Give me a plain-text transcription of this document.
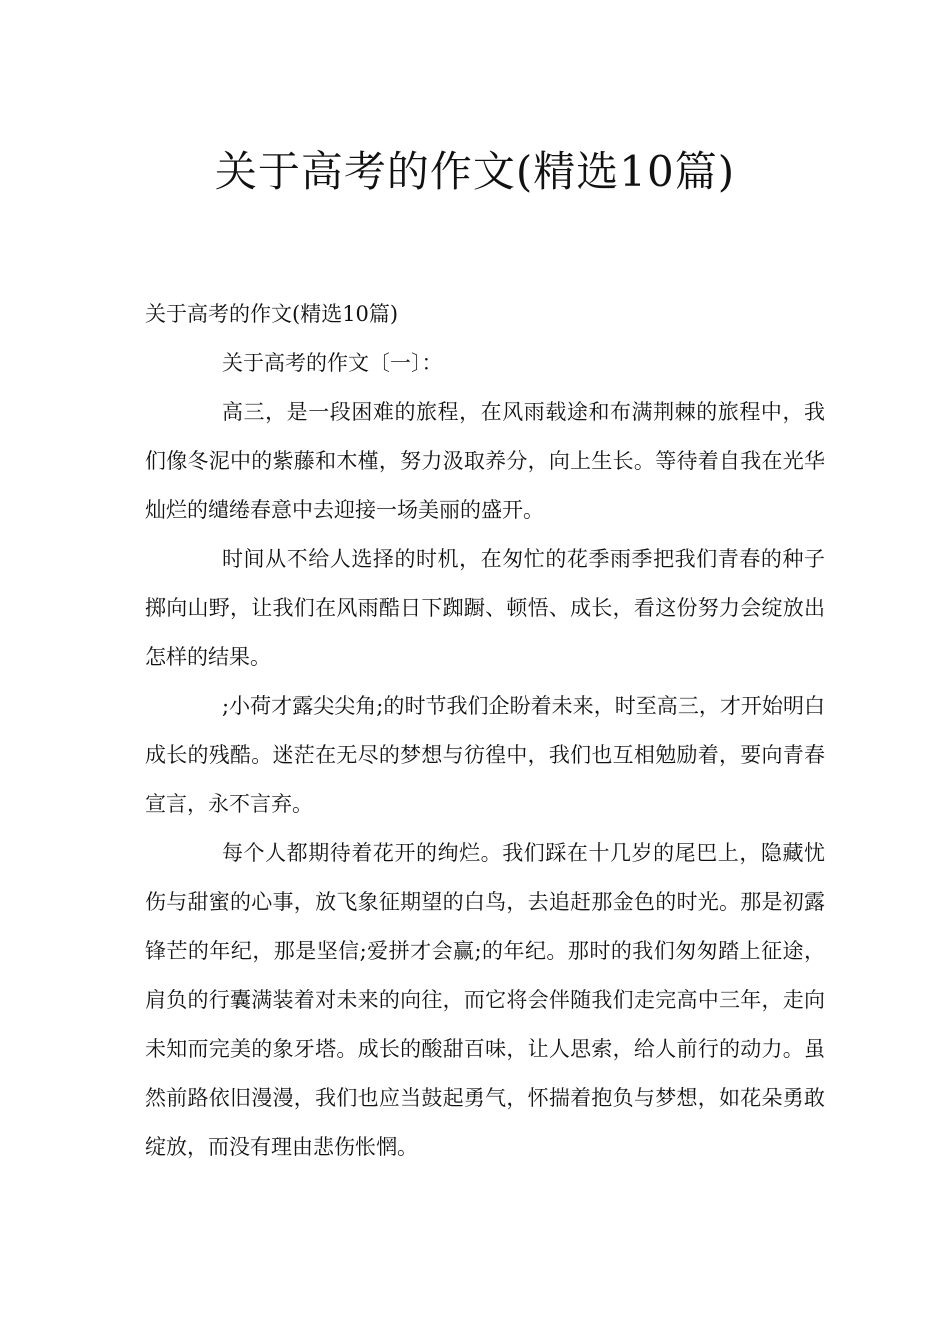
关于高考的作文(精选10篇)

关于高考的作文(精选10篇)

关于高考的作文〔一〕：

高三，是一段困难的旅程，在风雨载途和布满荆棘的旅程中，我们像冬泥中的紫藤和木槿，努力汲取养分，向上生长。等待着自我在光华灿烂的缱绻春意中去迎接一场美丽的盛开。

时间从不给人选择的时机，在匆忙的花季雨季把我们青春的种子掷向山野，让我们在风雨酷日下踟蹰、顿悟、成长，看这份努力会绽放出怎样的结果。

;小荷才露尖尖角;的时节我们企盼着未来，时至高三，才开始明白成长的残酷。迷茫在无尽的梦想与彷徨中，我们也互相勉励着，要向青春宣言，永不言弃。

每个人都期待着花开的绚烂。我们踩在十几岁的尾巴上，隐藏忧伤与甜蜜的心事，放飞象征期望的白鸟，去追赶那金色的时光。那是初露锋芒的年纪，那是坚信;爱拼才会赢;的年纪。那时的我们匆匆踏上征途，肩负的行囊满装着对未来的向往，而它将会伴随我们走完高中三年，走向未知而完美的象牙塔。成长的酸甜百味，让人思索，给人前行的动力。虽然前路依旧漫漫，我们也应当鼓起勇气，怀揣着抱负与梦想，如花朵勇敢绽放，而没有理由悲伤怅惘。
